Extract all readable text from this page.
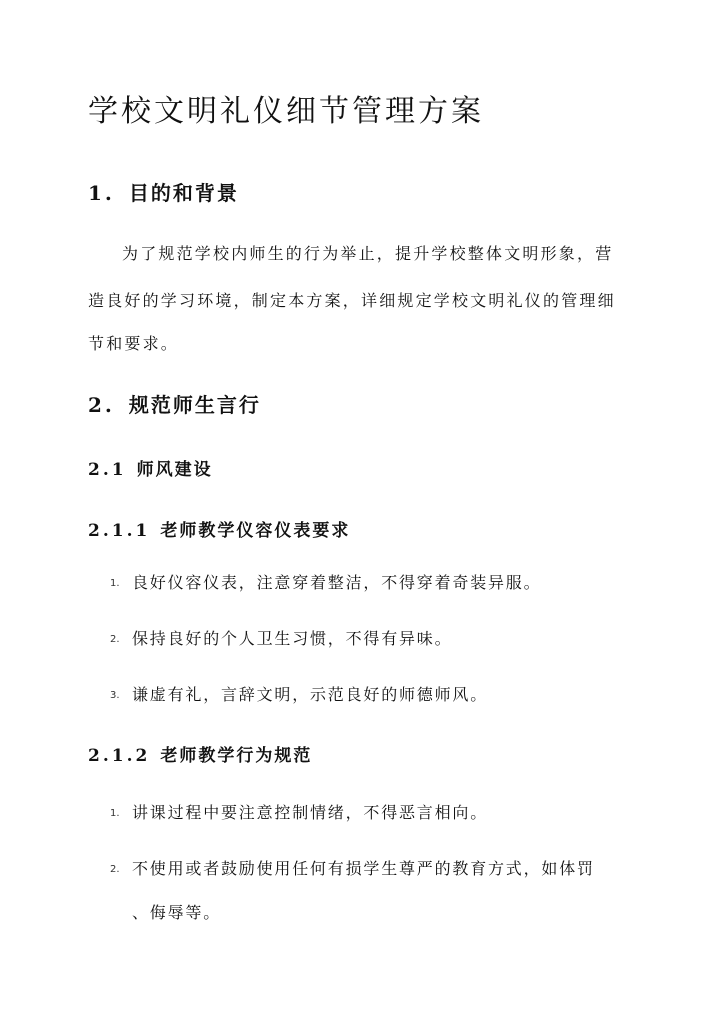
学校文明礼仪细节管理方案
1. 目的和背景
为了规范学校内师生的行为举止，提升学校整体文明形象，营
造良好的学习环境，制定本方案，详细规定学校文明礼仪的管理细
节和要求。
2. 规范师生言行
2.1 师风建设
2.1.1 老师教学仪容仪表要求
1. 良好仪容仪表，注意穿着整洁，不得穿着奇装异服。
2. 保持良好的个人卫生习惯，不得有异味。
3. 谦虚有礼，言辞文明，示范良好的师德师风。
2.1.2 老师教学行为规范
1. 讲课过程中要注意控制情绪，不得恶言相向。
2. 不使用或者鼓励使用任何有损学生尊严的教育方式，如体罚
、侮辱等。
